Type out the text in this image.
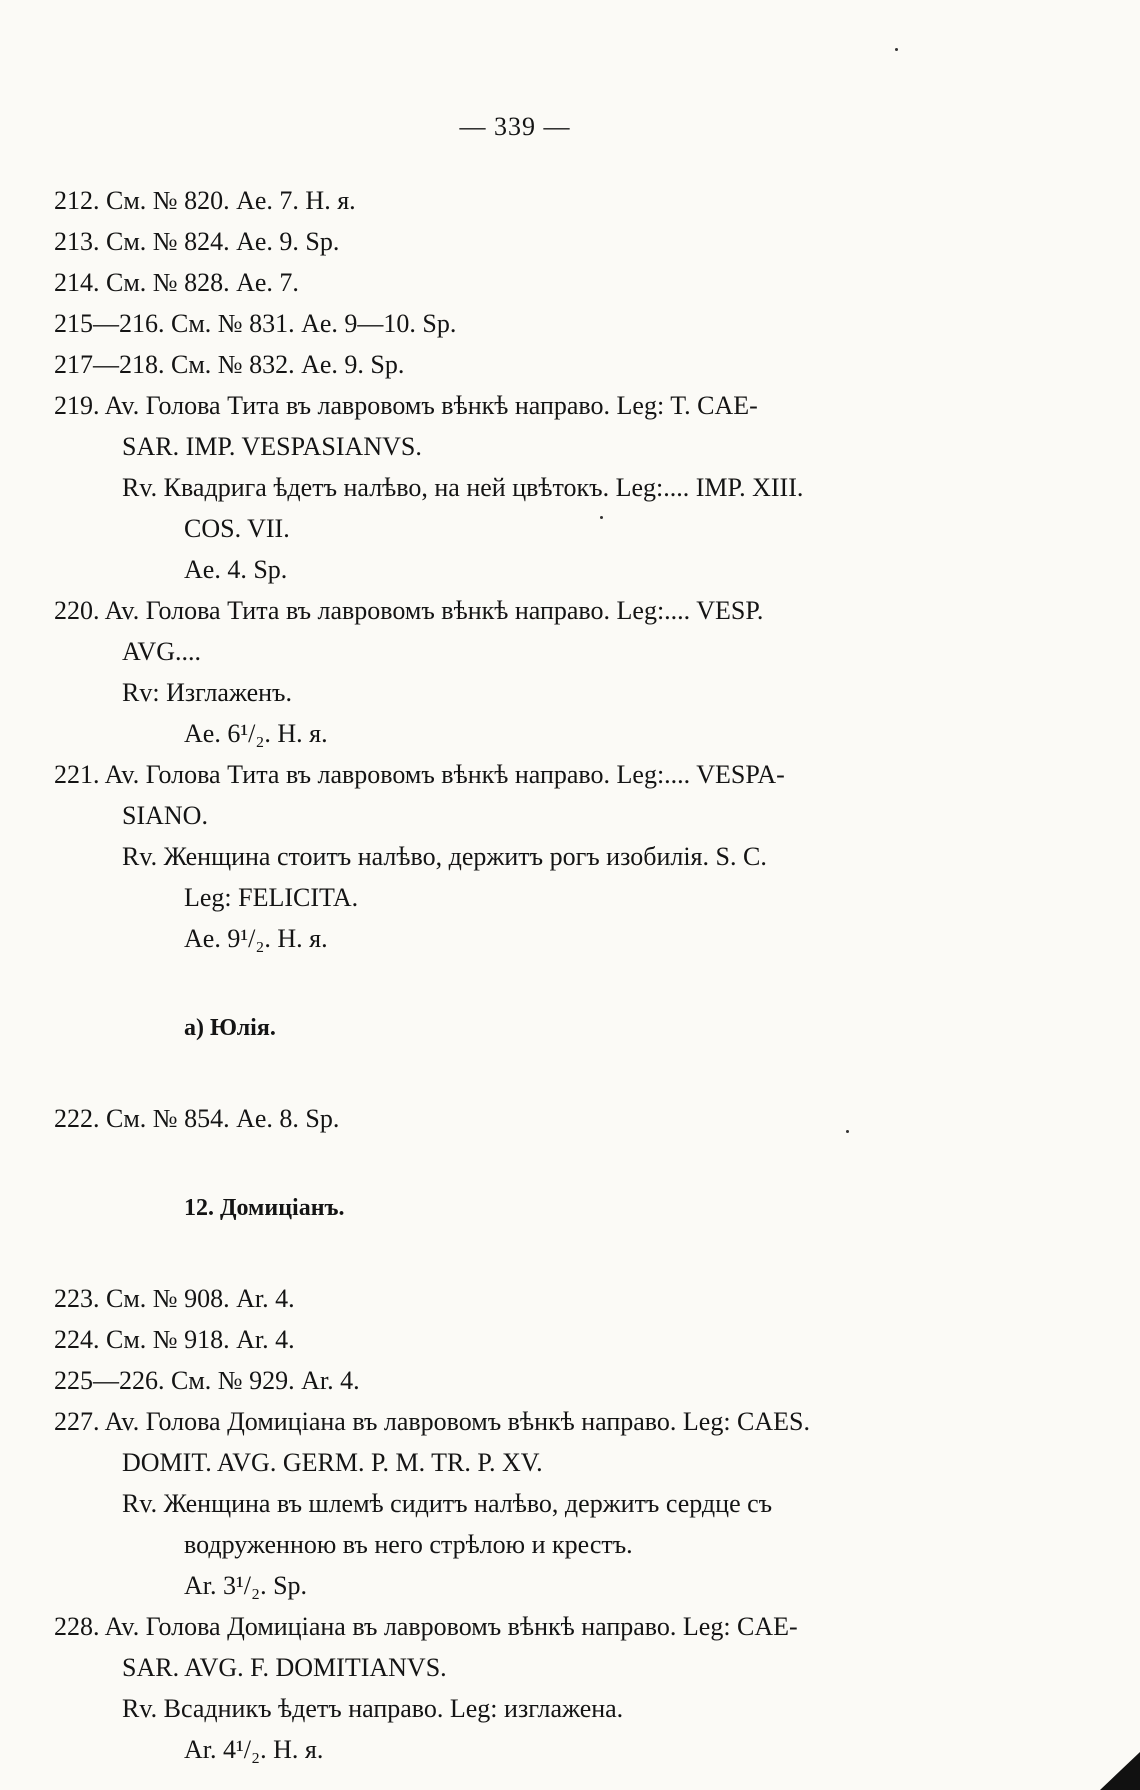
— 339 —
212. См. № 820. Ae. 7. Н. я.
213. См. № 824. Ae. 9. Sp.
214. См. № 828. Ae. 7.
215—216. См. № 831. Ae. 9—10. Sp.
217—218. См. № 832. Ae. 9. Sp.
219. Av. Голова Тита въ лавровомъ вѣнкѣ направо. Leg: T. CAE-
SAR. IMP. VESPASIANVS.
Rv. Квадрига ѣдетъ налѣво, на ней цвѣтокъ. Leg:.... IMP. XIII.
COS. VII.
Ae. 4. Sp.
220. Av. Голова Тита въ лавровомъ вѣнкѣ направо. Leg:.... VESP.
AVG....
Rv: Изглаженъ.
Ae. 6¹/₂. Н. я.
221. Av. Голова Тита въ лавровомъ вѣнкѣ направо. Leg:.... VESPA-
SIANO.
Rv. Женщина стоитъ налѣво, держитъ рогъ изобилія. S. C.
Leg: FELICITA.
Ae. 9¹/₂. Н. я.
a) Юлія.
222. См. № 854. Ae. 8. Sp.
12. Домиціанъ.
223. См. № 908. Ar. 4.
224. См. № 918. Ar. 4.
225—226. См. № 929. Ar. 4.
227. Av. Голова Домиціана въ лавровомъ вѣнкѣ направо. Leg: CAES.
DOMIT. AVG. GERM. P. M. TR. P. XV.
Rv. Женщина въ шлемѣ сидитъ налѣво, держитъ сердце съ
водруженною въ него стрѣлою и крестъ.
Ar. 3¹/₂. Sp.
228. Av. Голова Домиціана въ лавровомъ вѣнкѣ направо. Leg: CAE-
SAR. AVG. F. DOMITIANVS.
Rv. Всадникъ ѣдетъ направо. Leg: изглажена.
Ar. 4¹/₂. Н. я.
